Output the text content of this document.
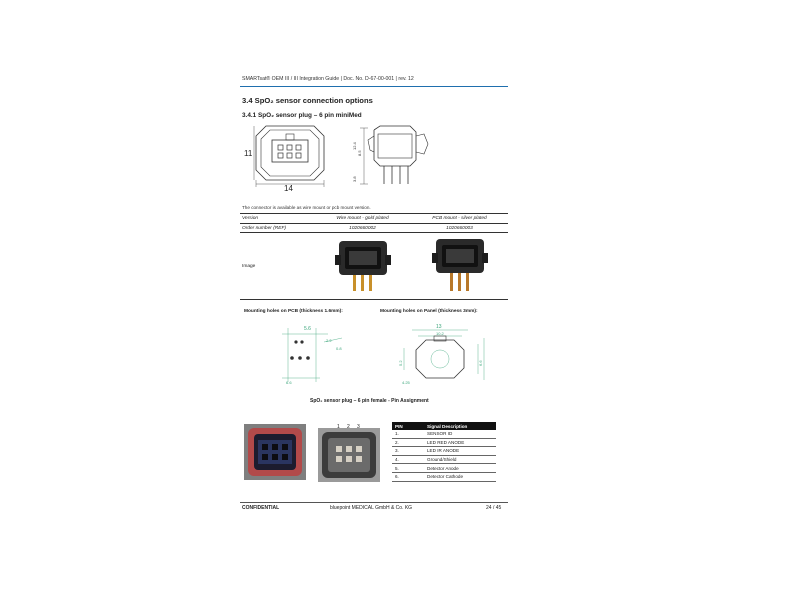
SMARTsat® OEM III / III Integration Guide | Doc. No. D-67-00-001 | rev. 12
3.4 SpO₂ sensor connection options
3.4.1 SpO₂ sensor plug – 6 pin miniMed
11
14
12.4
8.5
3.8
The connector is available as wire mount or pcb mount version.
Version	Wire mount - gold plated	PCB mount - silver plated
Order number (REF)	1020660002	1020660003
Image		
Mounting holes on PCB (thickness 1.6mm):	Mounting holes on Panel (thickness 3mm):
5.6
2.2
0.8
6.6
13
10.2
5.2	6.6
4.25
SpO₂ sensor plug – 6 pin female - Pin Assignment
1 2 3	PIN	Signal Description
1.	SENSOR ID
2.	LED RED ANODE
3.	LED IR ANODE
4.	Ground/Shield
5.	Detector Anode
6.	Detector Cathode
CONFIDENTIAL	bluepoint MEDICAL GmbH & Co. KG	24 / 45
